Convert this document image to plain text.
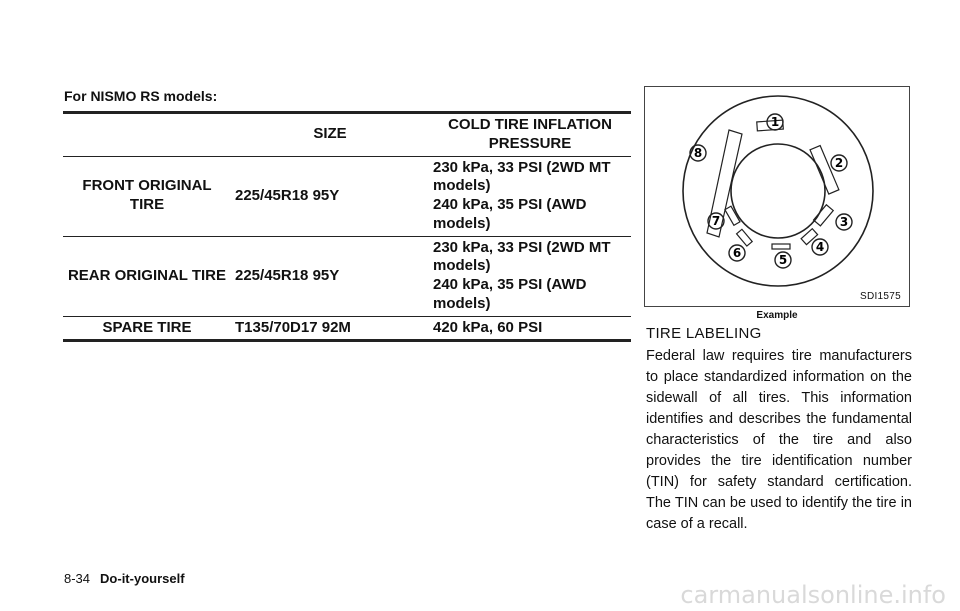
For NISMO RS models:
	SIZE	COLD TIRE INFLATION PRESSURE
FRONT ORIGINAL TIRE	225/45R18 95Y	230 kPa, 33 PSI (2WD MT models)
240 kPa, 35 PSI (AWD models)

REAR ORIGINAL TIRE	225/45R18 95Y	230 kPa, 33 PSI (2WD MT models)
240 kPa, 35 PSI (AWD models)

SPARE TIRE	T135/70D17 92M	420 kPa, 60 PSI
1
2
3
4
5
6
7
8
SDI1575
Example
TIRE LABELING

Federal law requires tire manufacturers to place standardized information on the sidewall of all tires. This information identifies and describes the fundamental characteristics of the tire and also provides the tire identification number (TIN) for safety standard certification. The TIN can be used to identify the tire in case of a recall.

8-34 Do-it-yourself
carmanualsonline.info
